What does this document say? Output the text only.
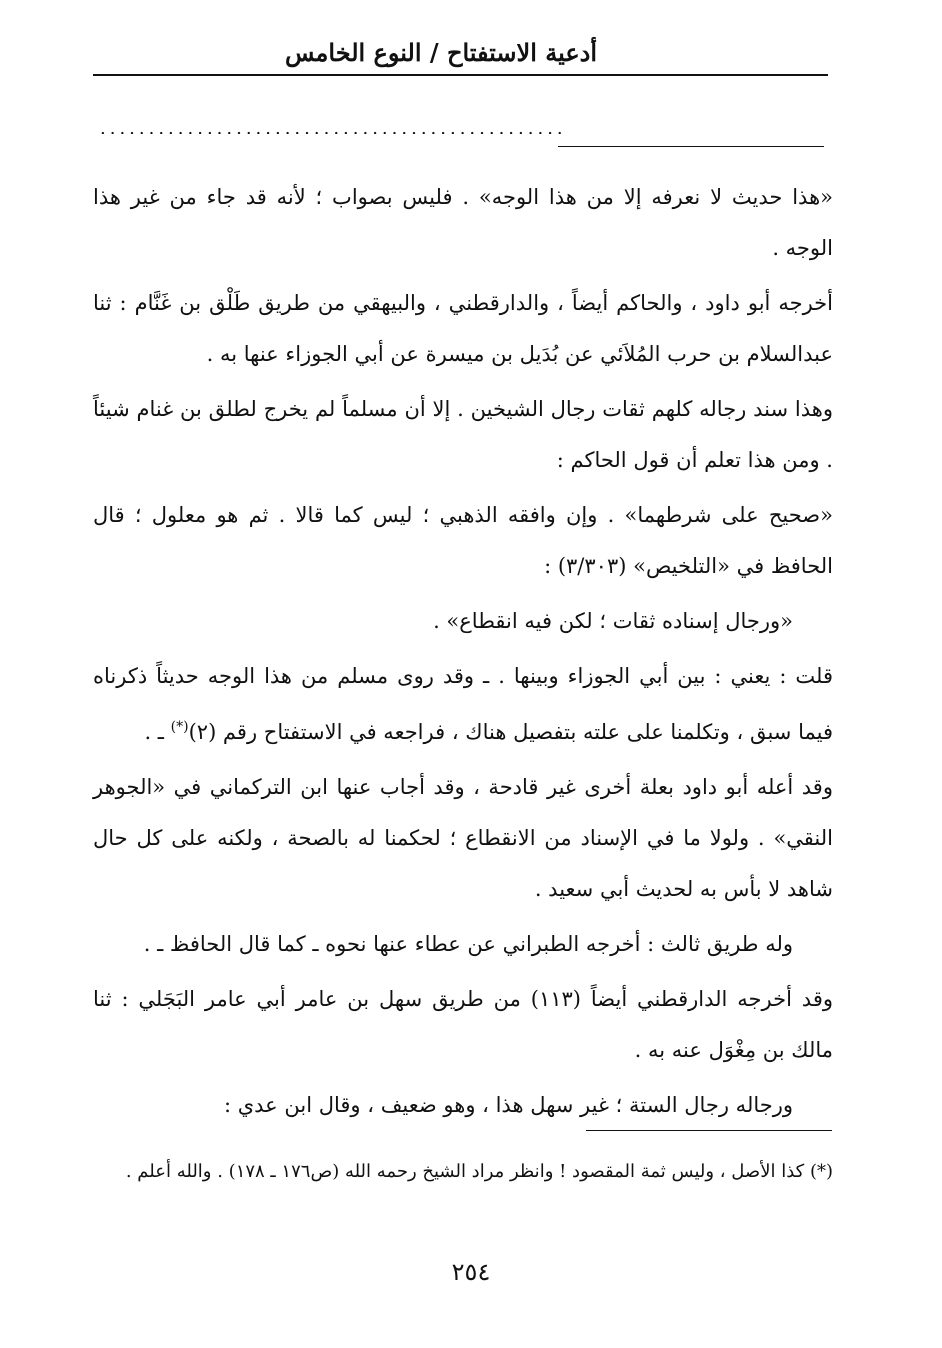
أدعية الاستفتاح / النوع الخامس
................................................

«هذا حديث لا نعرفه إلا من هذا الوجه» . فليس بصواب ؛ لأنه قد جاء من غير هذا الوجه .

أخرجه أبو داود ، والحاكم أيضاً ، والدارقطني ، والبيهقي من طريق طَلْق بن غَنَّام : ثنا عبدالسلام بن حرب المُلاَئي عن بُدَيل بن ميسرة عن أبي الجوزاء عنها به .

وهذا سند رجاله كلهم ثقات رجال الشيخين . إلا أن مسلماً لم يخرج لطلق بن غنام شيئاً . ومن هذا تعلم أن قول الحاكم :

«صحيح على شرطهما» . وإن وافقه الذهبي ؛ ليس كما قالا . ثم هو معلول ؛ قال الحافظ في «التلخيص» (٣/٣٠٣) :

«ورجال إسناده ثقات ؛ لكن فيه انقطاع» .

قلت : يعني : بين أبي الجوزاء وبينها . ـ وقد روى مسلم من هذا الوجه حديثاً ذكرناه فيما سبق ، وتكلمنا على علته بتفصيل هناك ، فراجعه في الاستفتاح رقم (٢)(*) ـ .

وقد أعله أبو داود بعلة أخرى غير قادحة ، وقد أجاب عنها ابن التركماني في «الجوهر النقي» . ولولا ما في الإسناد من الانقطاع ؛ لحكمنا له بالصحة ، ولكنه على كل حال شاهد لا بأس به لحديث أبي سعيد .

وله طريق ثالث : أخرجه الطبراني عن عطاء عنها نحوه ـ كما قال الحافظ ـ .

وقد أخرجه الدارقطني أيضاً (١١٣) من طريق سهل بن عامر أبي عامر البَجَلي : ثنا مالك بن مِغْوَل عنه به .

ورجاله رجال الستة ؛ غير سهل هذا ، وهو ضعيف ، وقال ابن عدي :

(*) كذا الأصل ، وليس ثمة المقصود ! وانظر مراد الشيخ رحمه الله (ص١٧٦ ـ ١٧٨) . والله أعلم .
٢٥٤
